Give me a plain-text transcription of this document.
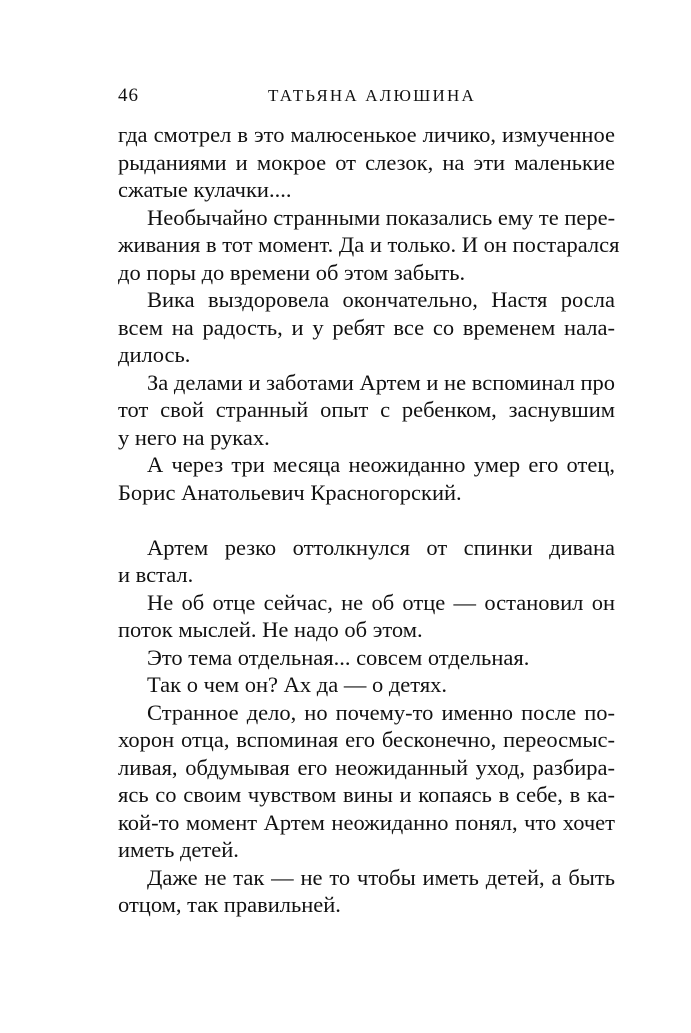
46	ТАТЬЯНА АЛЮШИНА
гда смотрел в это малюсенькое личико, измученное
рыданиями и мокрое от слезок, на эти маленькие
сжатые кулачки....
Необычайно странными показались ему те пере-
живания в тот момент. Да и только. И он постарался
до поры до времени об этом забыть.
Вика выздоровела окончательно, Настя росла
всем на радость, и у ребят все со временем нала-
дилось.
За делами и заботами Артем и не вспоминал про
тот свой странный опыт с ребенком, заснувшим
у него на руках.
А через три месяца неожиданно умер его отец,
Борис Анатольевич Красногорский.
Артем резко оттолкнулся от спинки дивана
и встал.
Не об отце сейчас, не об отце — остановил он
поток мыслей. Не надо об этом.
Это тема отдельная... совсем отдельная.
Так о чем он? Ах да — о детях.
Странное дело, но почему-то именно после по-
хорон отца, вспоминая его бесконечно, переосмыс-
ливая, обдумывая его неожиданный уход, разбира-
ясь со своим чувством вины и копаясь в себе, в ка-
кой-то момент Артем неожиданно понял, что хочет
иметь детей.
Даже не так — не то чтобы иметь детей, а быть
отцом, так правильней.
